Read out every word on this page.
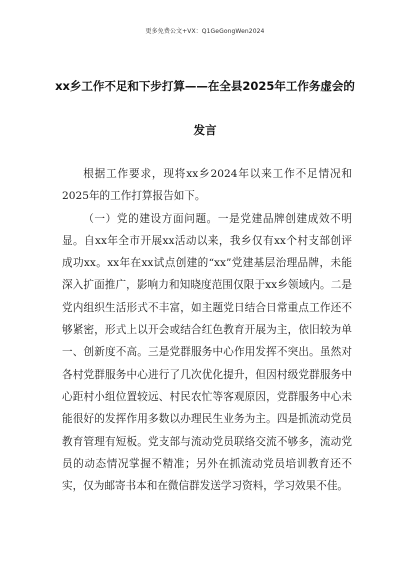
更多免费公文+VX：Q1GeGongWen2024
xx乡工作不足和下步打算——在全县2025年工作务虚会的
发言

根据工作要求，现将xx乡2024年以来工作不足情况和2025年的工作打算报告如下。

（一）党的建设方面问题。一是党建品牌创建成效不明显。自xx年全市开展xx活动以来，我乡仅有xx个村支部创评成功xx。xx年在xx试点创建的“xx”党建基层治理品牌，未能深入扩面推广，影响力和知晓度范围仅限于xx乡领域内。二是党内组织生活形式不丰富，如主题党日结合日常重点工作还不够紧密，形式上以开会或结合红色教育开展为主，依旧较为单一、创新度不高。三是党群服务中心作用发挥不突出。虽然对各村党群服务中心进行了几次优化提升，但因村级党群服务中心距村小组位置较远、村民农忙等客观原因，党群服务中心未能很好的发挥作用多数以办理民生业务为主。四是抓流动党员教育管理有短板。党支部与流动党员联络交流不够多，流动党员的动态情况掌握不精准；另外在抓流动党员培训教育还不实，仅为邮寄书本和在微信群发送学习资料，学习效果不佳。
